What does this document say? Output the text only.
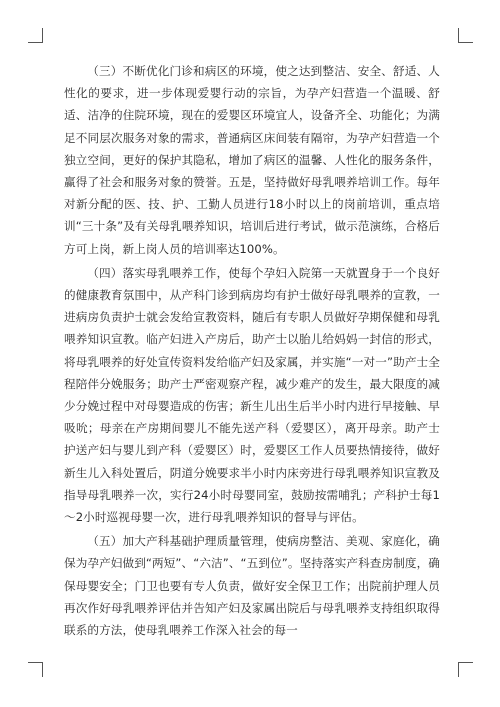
（三）不断优化门诊和病区的环境，使之达到整洁、安全、舒适、人性化的要求，进一步体现爱婴行动的宗旨，为孕产妇营造一个温暖、舒适、洁净的住院环境，现在的爱婴区环境宜人，设备齐全、功能化；为满足不同层次服务对象的需求，普通病区床间装有隔帘，为孕产妇营造一个独立空间，更好的保护其隐私，增加了病区的温馨、人性化的服务条件，赢得了社会和服务对象的赞誉。五是，坚持做好母乳喂养培训工作。每年对新分配的医、技、护、工勤人员进行18小时以上的岗前培训，重点培训“三十条”及有关母乳喂养知识，培训后进行考试，做示范演练，合格后方可上岗，新上岗人员的培训率达100%。

（四）落实母乳喂养工作，使每个孕妇入院第一天就置身于一个良好的健康教育氛围中，从产科门诊到病房均有护士做好母乳喂养的宣教，一进病房负责护士就会发给宣教资料，随后有专职人员做好孕期保健和母乳喂养知识宣教。临产妇进入产房后，助产士以胎儿给妈妈一封信的形式，将母乳喂养的好处宣传资料发给临产妇及家属，并实施“一对一”助产士全程陪伴分娩服务；助产士严密观察产程，减少难产的发生，最大限度的减少分娩过程中对母婴造成的伤害；新生儿出生后半小时内进行早接触、早吸吮；母亲在产房期间婴儿不能先送产科（爱婴区），离开母亲。助产士护送产妇与婴儿到产科（爱婴区）时，爱婴区工作人员要热情接待，做好新生儿入科处置后，阴道分娩要求半小时内床旁进行母乳喂养知识宣教及指导母乳喂养一次，实行24小时母婴同室，鼓励按需哺乳；产科护士每1～2小时巡视母婴一次，进行母乳喂养知识的督导与评估。

（五）加大产科基础护理质量管理，使病房整洁、美观、家庭化，确保为孕产妇做到“两短”、“六洁”、“五到位”。坚持落实产科查房制度，确保母婴安全；门卫也要有专人负责，做好安全保卫工作；出院前护理人员再次作好母乳喂养评估并告知产妇及家属出院后与母乳喂养支持组织取得联系的方法，使母乳喂养工作深入社会的每一
